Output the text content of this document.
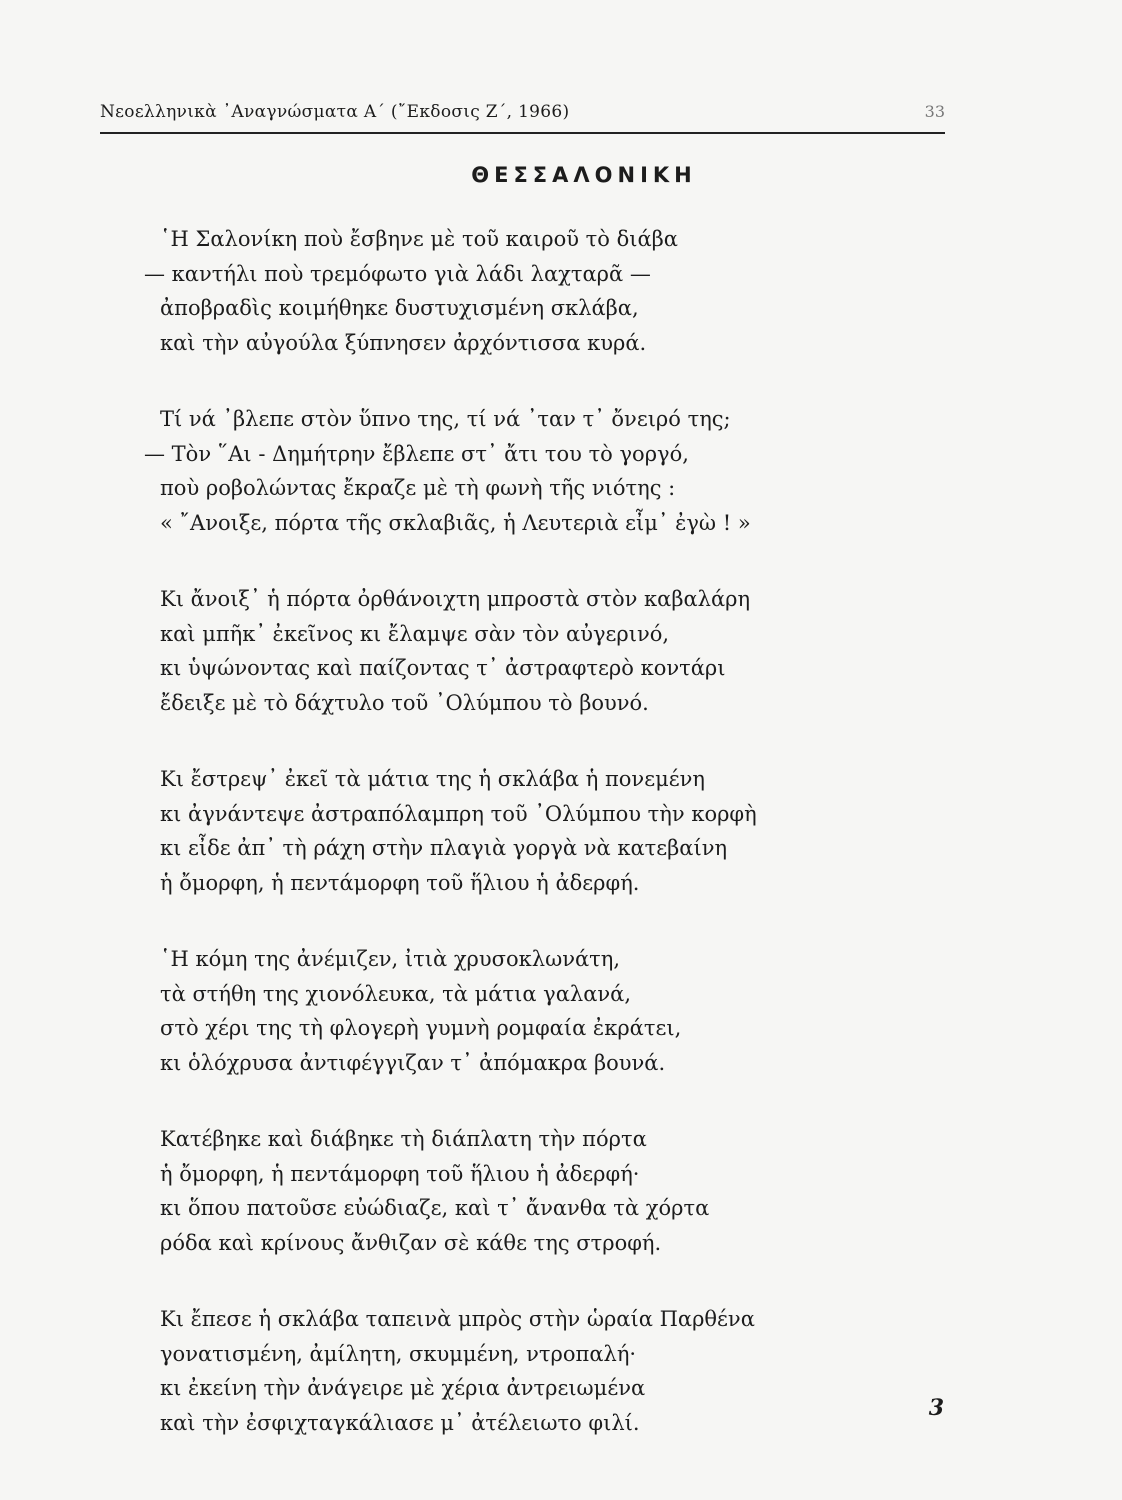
Νεοελληνικὰ ᾿Αναγνώσματα Α΄ (῎Εκδοσις Ζ΄, 1966)	33
ΘΕΣΣΑΛΟΝΙΚΗ
῾Η Σαλονίκη ποὺ ἔσβηνε μὲ τοῦ καιροῦ τὸ διάβα
— καντήλι ποὺ τρεμόφωτο γιὰ λάδι λαχταρᾶ —
ἀποβραδὶς κοιμήθηκε δυστυχισμένη σκλάβα,
καὶ τὴν αὐγούλα ξύπνησεν ἀρχόντισσα κυρά.
Τί νά ᾽βλεπε στὸν ὕπνο της, τί νά ᾽ταν τ᾽ ὄνειρό της;
— Τὸν ῞Αι - Δημήτρην ἔβλεπε στ᾽ ἄτι του τὸ γοργό,
ποὺ ροβολώντας ἔκραζε μὲ τὴ φωνὴ τῆς νιότης :
« ῎Ανοιξε, πόρτα τῆς σκλαβιᾶς, ἡ Λευτεριὰ εἶμ᾽ ἐγὼ ! »
Κι ἄνοιξ᾽ ἡ πόρτα ὀρθάνοιχτη μπροστὰ στὸν καβαλάρη
καὶ μπῆκ᾽ ἐκεῖνος κι ἔλαμψε σὰν τὸν αὐγερινό,
κι ὑψώνοντας καὶ παίζοντας τ᾽ ἀστραφτερὸ κοντάρι
ἔδειξε μὲ τὸ δάχτυλο τοῦ ᾿Ολύμπου τὸ βουνό.
Κι ἔστρεψ᾽ ἐκεῖ τὰ μάτια της ἡ σκλάβα ἡ πονεμένη
κι ἀγνάντεψε ἀστραπόλαμπρη τοῦ ᾿Ολύμπου τὴν κορφὴ
κι εἶδε ἀπ᾽ τὴ ράχη στὴν πλαγιὰ γοργὰ νὰ κατεβαίνη
ἡ ὄμορφη, ἡ πεντάμορφη τοῦ ἥλιου ἡ ἀδερφή.
῾Η κόμη της ἀνέμιζεν, ἰτιὰ χρυσοκλωνάτη,
τὰ στήθη της χιονόλευκα, τὰ μάτια γαλανά,
στὸ χέρι της τὴ φλογερὴ γυμνὴ ρομφαία ἐκράτει,
κι ὁλόχρυσα ἀντιφέγγιζαν τ᾽ ἀπόμακρα βουνά.
Κατέβηκε καὶ διάβηκε τὴ διάπλατη τὴν πόρτα
ἡ ὄμορφη, ἡ πεντάμορφη τοῦ ἥλιου ἡ ἀδερφή·
κι ὅπου πατοῦσε εὐώδιαζε, καὶ τ᾽ ἄνανθα τὰ χόρτα
ρόδα καὶ κρίνους ἄνθιζαν σὲ κάθε της στροφή.
Κι ἔπεσε ἡ σκλάβα ταπεινὰ μπρὸς στὴν ὡραία Παρθένα
γονατισμένη, ἀμίλητη, σκυμμένη, ντροπαλή·
κι ἐκείνη τὴν ἀνάγειρε μὲ χέρια ἀντρειωμένα
καὶ τὴν ἐσφιχταγκάλιασε μ᾽ ἀτέλειωτο φιλί.
3
